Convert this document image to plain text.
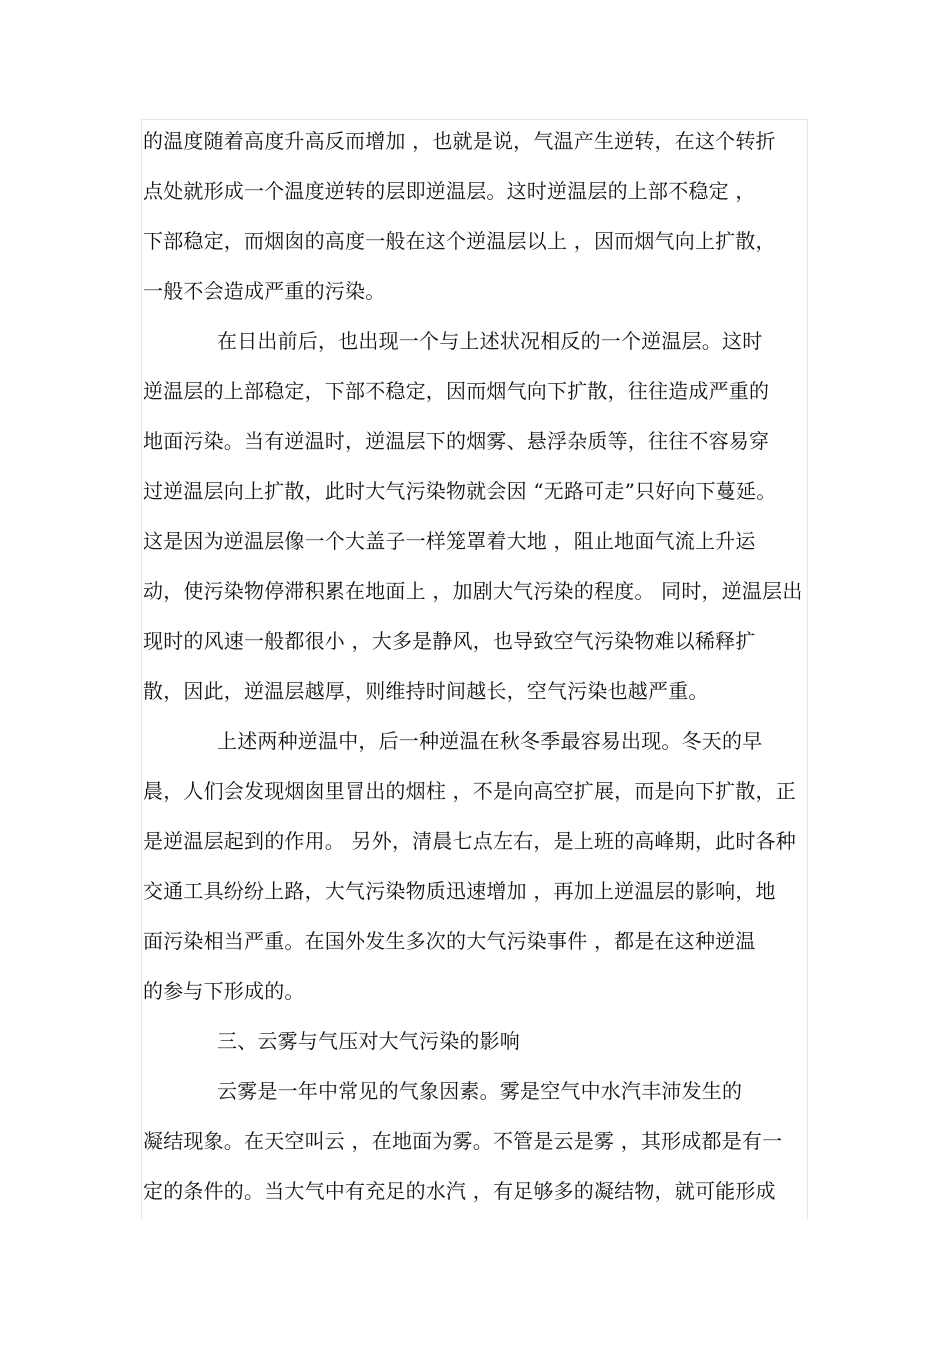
的温度随着高度升高反而增加 ，也就是说，气温产生逆转，在这个转折
点处就形成一个温度逆转的层即逆温层。这时逆温层的上部不稳定 ，
下部稳定，而烟囱的高度一般在这个逆温层以上 ，因而烟气向上扩散，
一般不会造成严重的污染。
在日出前后，也出现一个与上述状况相反的一个逆温层。这时
逆温层的上部稳定，下部不稳定，因而烟气向下扩散，往往造成严重的
地面污染。当有逆温时，逆温层下的烟雾、悬浮杂质等，往往不容易穿
过逆温层向上扩散，此时大气污染物就会因 “无路可走”只好向下蔓延。
这是因为逆温层像一个大盖子一样笼罩着大地 ，阻止地面气流上升运
动，使污染物停滞积累在地面上 ，加剧大气污染的程度。 同时，逆温层出
现时的风速一般都很小 ，大多是静风，也导致空气污染物难以稀释扩
散，因此，逆温层越厚，则维持时间越长，空气污染也越严重。
上述两种逆温中，后一种逆温在秋冬季最容易出现。冬天的早
晨，人们会发现烟囱里冒出的烟柱 ，不是向高空扩展，而是向下扩散，正
是逆温层起到的作用。 另外，清晨七点左右，是上班的高峰期，此时各种
交通工具纷纷上路，大气污染物质迅速增加 ，再加上逆温层的影响，地
面污染相当严重。在国外发生多次的大气污染事件 ，都是在这种逆温
的参与下形成的。
三、云雾与气压对大气污染的影响
云雾是一年中常见的气象因素。雾是空气中水汽丰沛发生的
凝结现象。在天空叫云 ，在地面为雾。不管是云是雾 ，其形成都是有一
定的条件的。当大气中有充足的水汽 ，有足够多的凝结物，就可能形成
